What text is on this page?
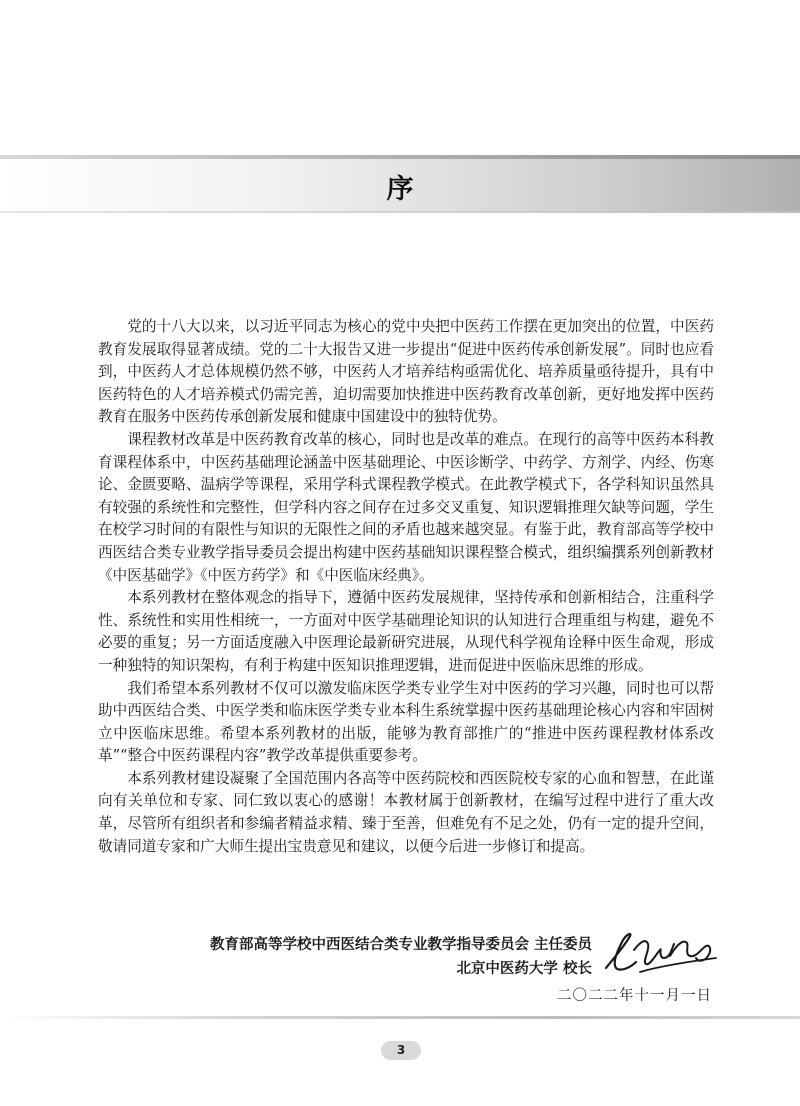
序

党的十八大以来，以习近平同志为核心的党中央把中医药工作摆在更加突出的位置，中医药教育发展取得显著成绩。党的二十大报告又进一步提出“促进中医药传承创新发展”。同时也应看到，中医药人才总体规模仍然不够，中医药人才培养结构亟需优化、培养质量亟待提升，具有中医药特色的人才培养模式仍需完善，迫切需要加快推进中医药教育改革创新，更好地发挥中医药教育在服务中医药传承创新发展和健康中国建设中的独特优势。

课程教材改革是中医药教育改革的核心，同时也是改革的难点。在现行的高等中医药本科教育课程体系中，中医药基础理论涵盖中医基础理论、中医诊断学、中药学、方剂学、内经、伤寒论、金匮要略、温病学等课程，采用学科式课程教学模式。在此教学模式下，各学科知识虽然具有较强的系统性和完整性，但学科内容之间存在过多交叉重复、知识逻辑推理欠缺等问题，学生在校学习时间的有限性与知识的无限性之间的矛盾也越来越突显。有鉴于此，教育部高等学校中西医结合类专业教学指导委员会提出构建中医药基础知识课程整合模式，组织编撰系列创新教材《中医基础学》《中医方药学》和《中医临床经典》。

本系列教材在整体观念的指导下，遵循中医药发展规律，坚持传承和创新相结合，注重科学性、系统性和实用性相统一，一方面对中医学基础理论知识的认知进行合理重组与构建，避免不必要的重复；另一方面适度融入中医理论最新研究进展，从现代科学视角诠释中医生命观，形成一种独特的知识架构，有利于构建中医知识推理逻辑，进而促进中医临床思维的形成。

我们希望本系列教材不仅可以激发临床医学类专业学生对中医药的学习兴趣，同时也可以帮助中西医结合类、中医学类和临床医学类专业本科生系统掌握中医药基础理论核心内容和牢固树立中医临床思维。希望本系列教材的出版，能够为教育部推广的“推进中医药课程教材体系改革”“整合中医药课程内容”教学改革提供重要参考。

本系列教材建设凝聚了全国范围内各高等中医药院校和西医院校专家的心血和智慧，在此谨向有关单位和专家、同仁致以衷心的感谢！本教材属于创新教材，在编写过程中进行了重大改革，尽管所有组织者和参编者精益求精、臻于至善，但难免有不足之处，仍有一定的提升空间，敬请同道专家和广大师生提出宝贵意见和建议，以便今后进一步修订和提高。

教育部高等学校中西医结合类专业教学指导委员会 主任委员
北京中医药大学 校长
二〇二二年十一月一日
3
